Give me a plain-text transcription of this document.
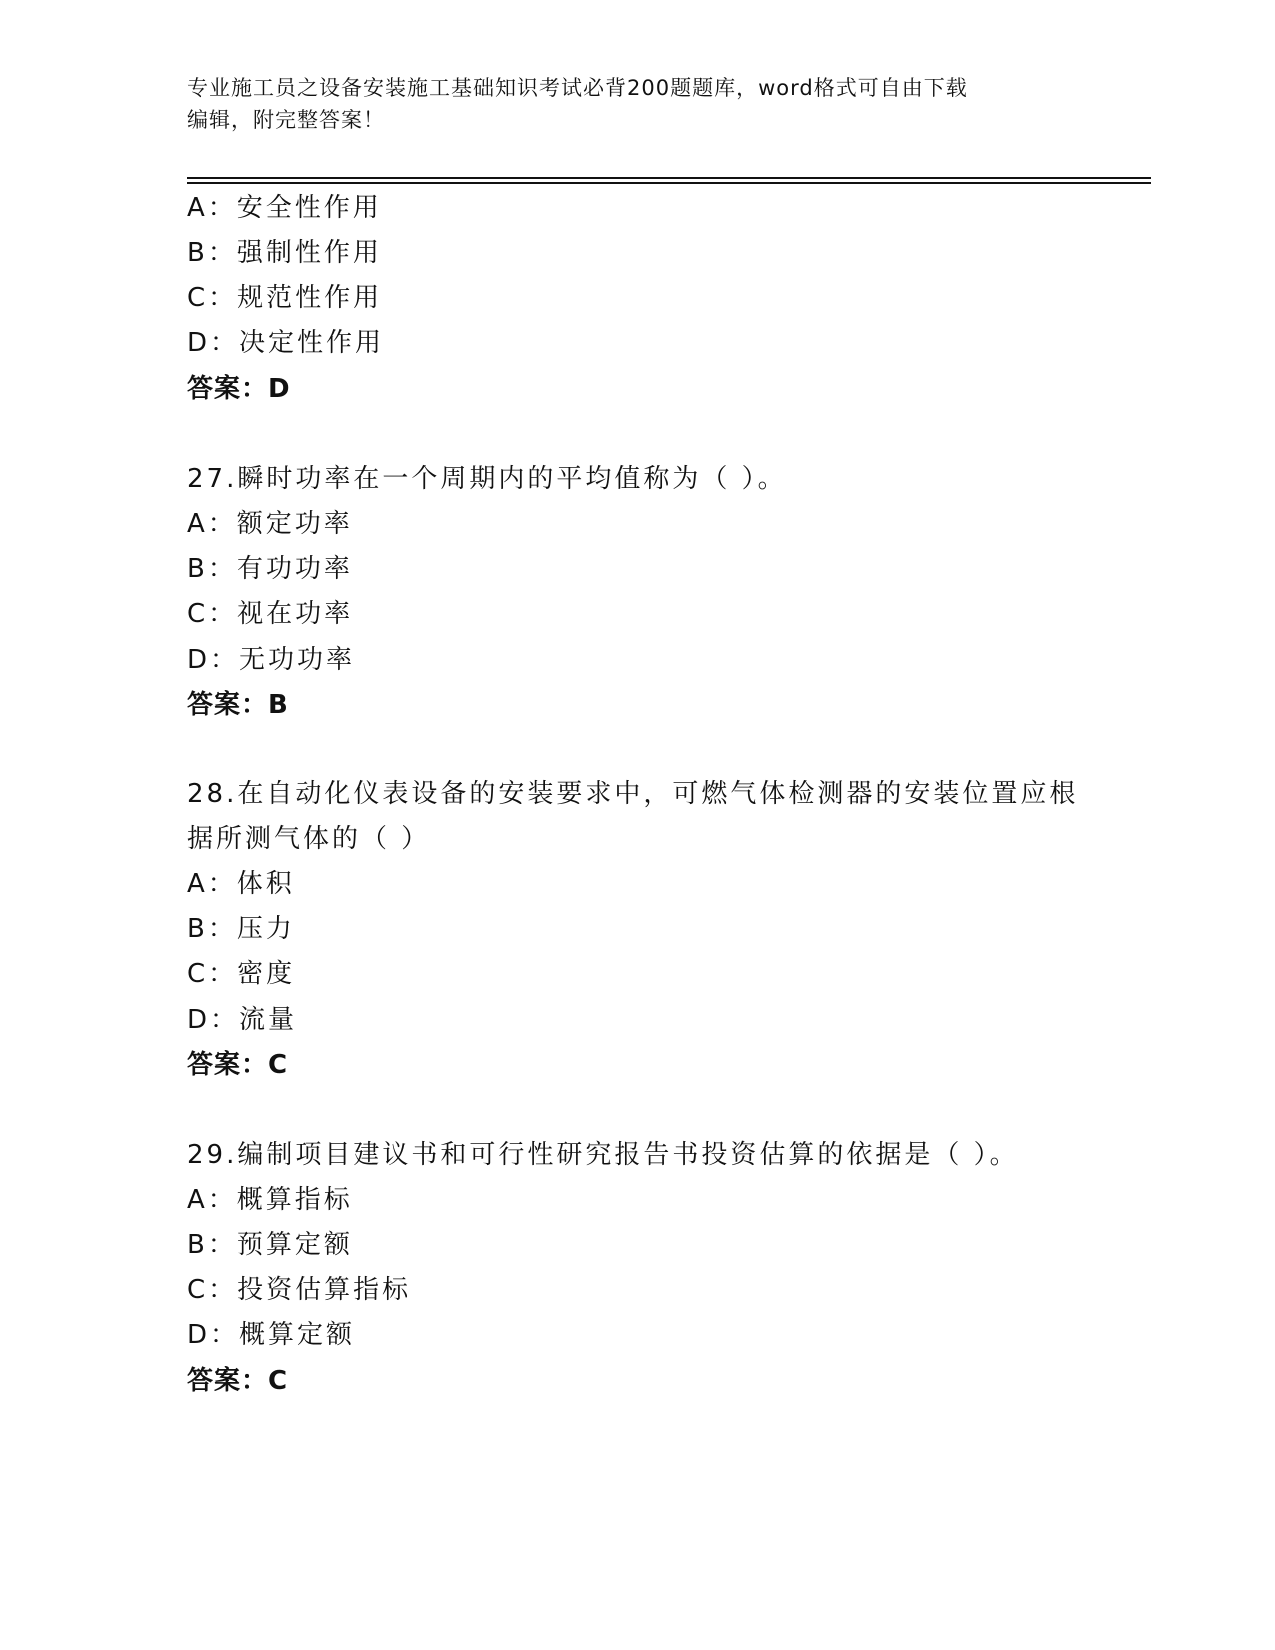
专业施工员之设备安装施工基础知识考试必背200题题库，word格式可自由下载
编辑，附完整答案！
A：安全性作用
B：强制性作用
C：规范性作用
D：决定性作用
答案：D
27.瞬时功率在一个周期内的平均值称为（ ）。
A：额定功率
B：有功功率
C：视在功率
D：无功功率
答案：B
28.在自动化仪表设备的安装要求中，可燃气体检测器的安装位置应根
据所测气体的（ ）
A：体积
B：压力
C：密度
D：流量
答案：C
29.编制项目建议书和可行性研究报告书投资估算的依据是（ ）。
A：概算指标
B：预算定额
C：投资估算指标
D：概算定额
答案：C
